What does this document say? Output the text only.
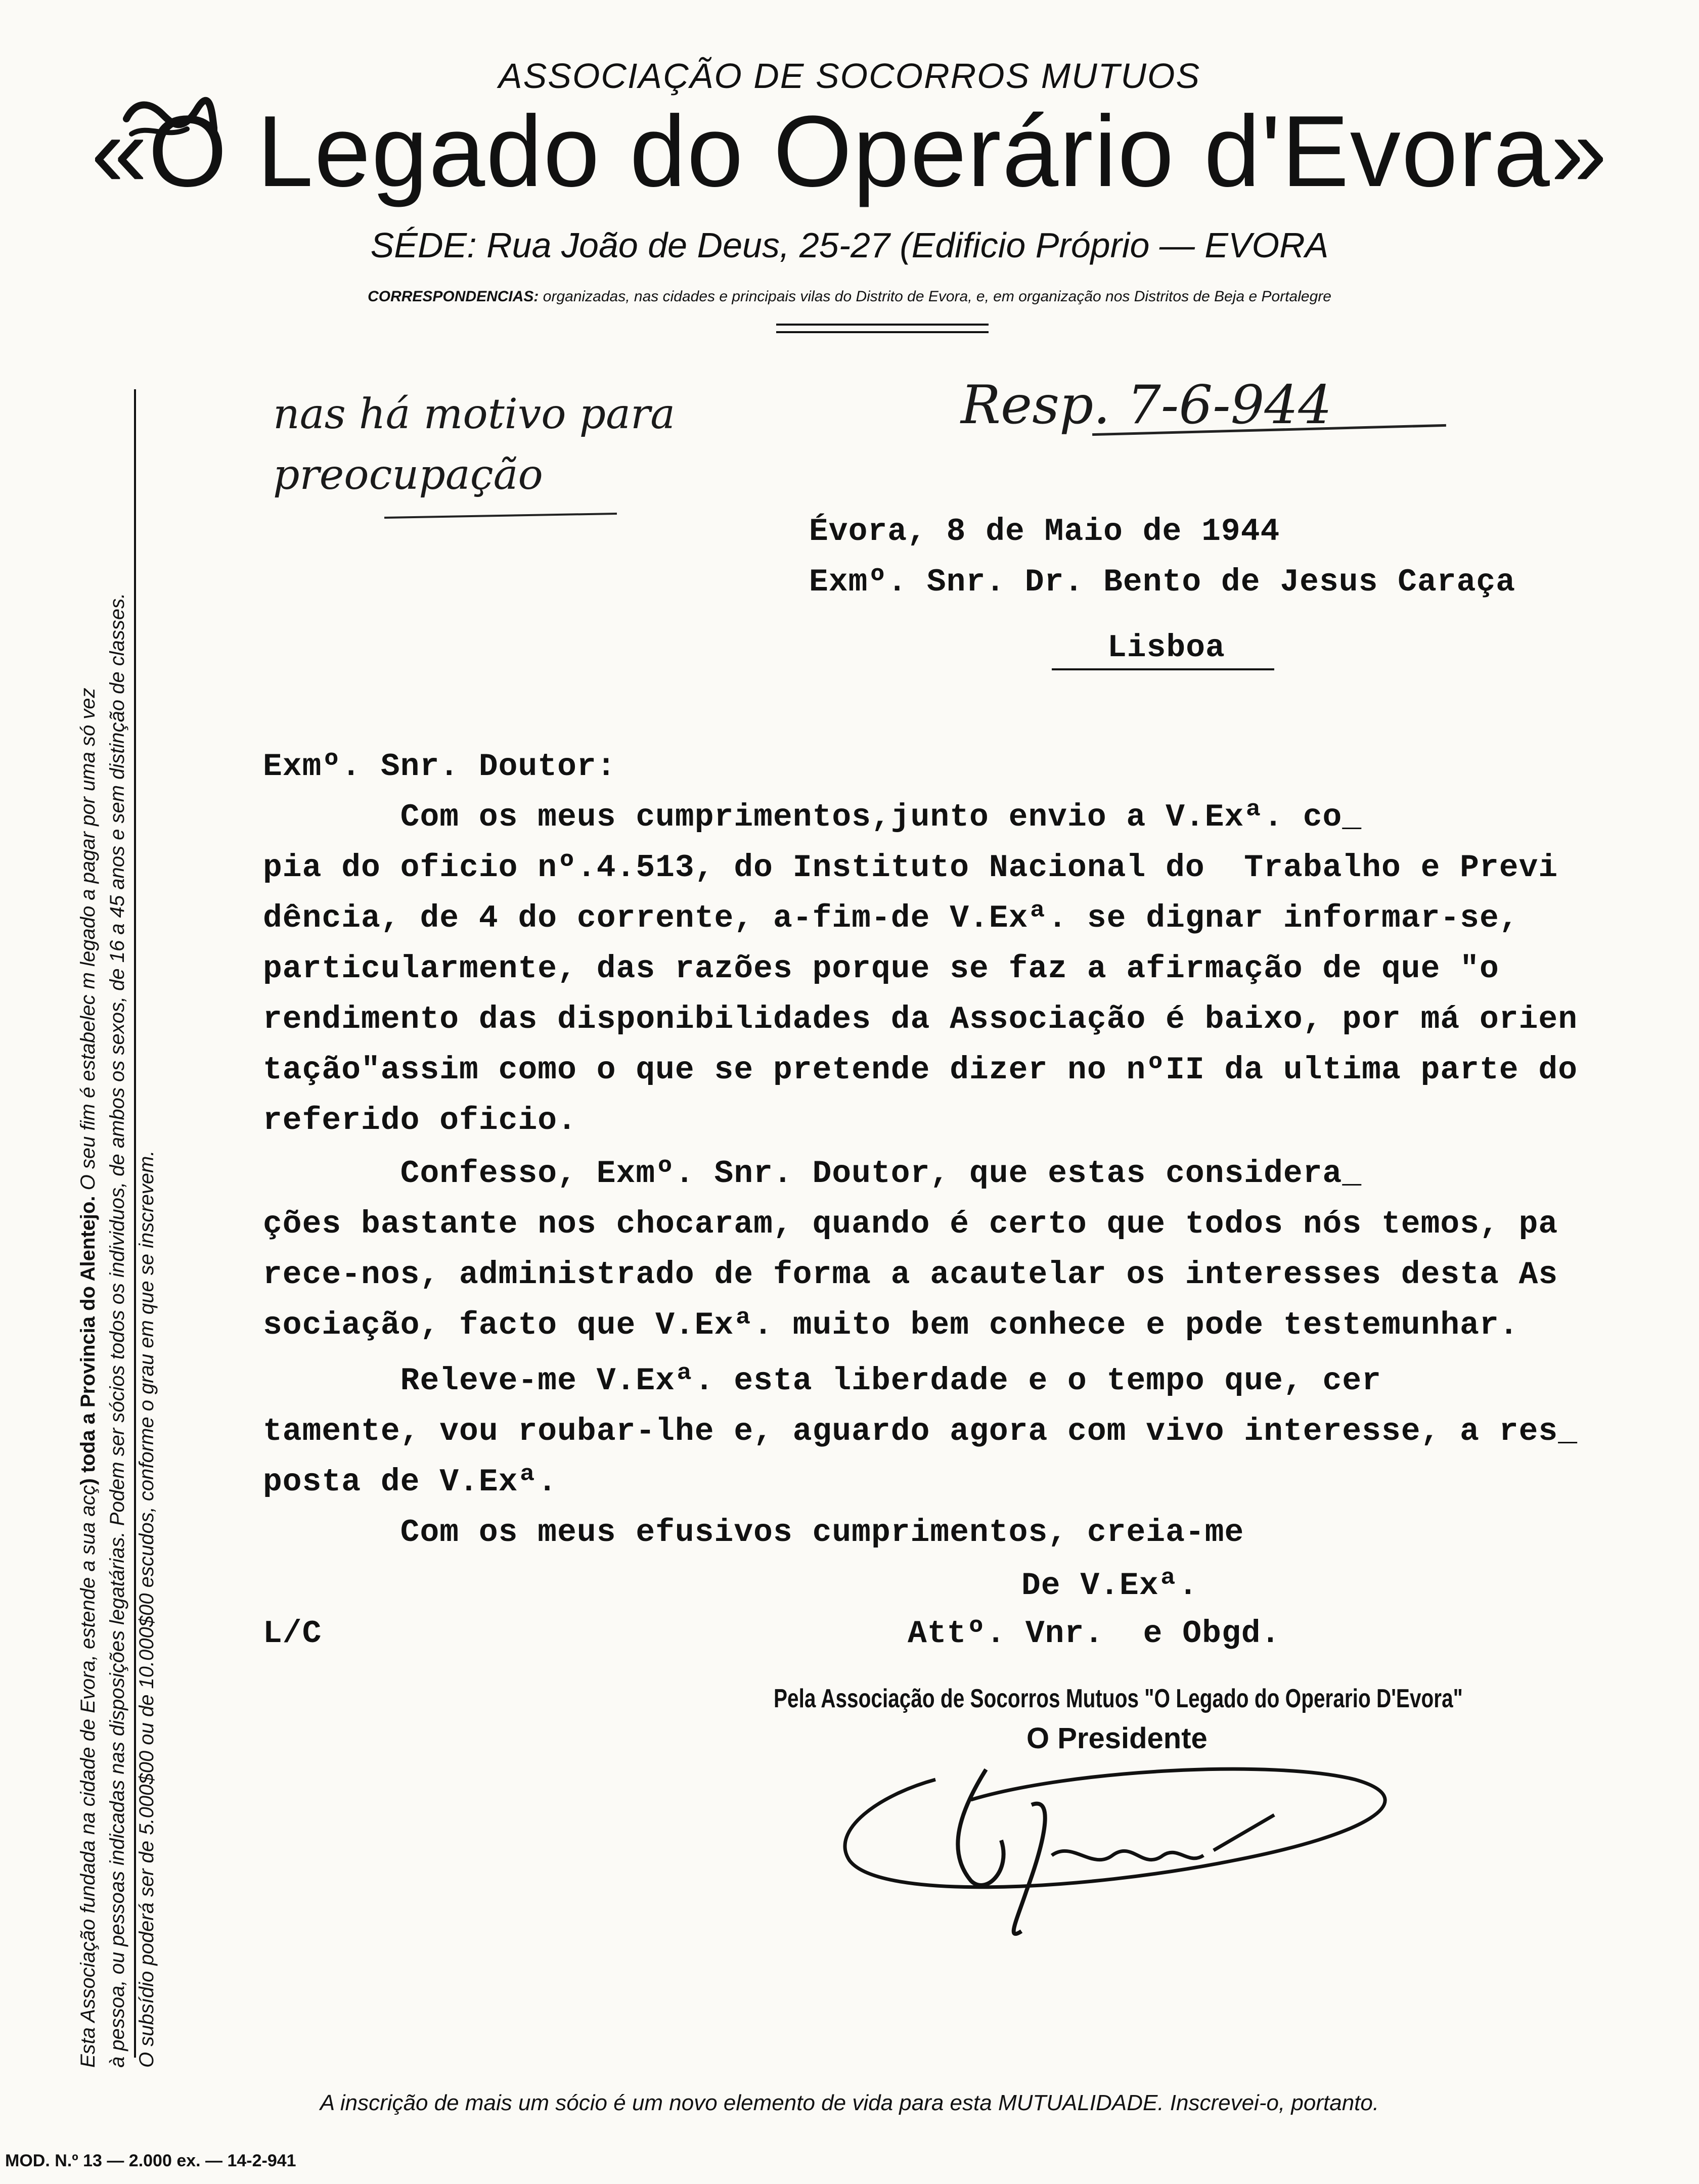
ASSOCIAÇÃO DE SOCORROS MUTUOS
«O Legado do Operário d'Evora»
SÉDE: Rua João de Deus, 25-27 (Edificio Próprio — EVORA
CORRESPONDENCIAS: organizadas, nas cidades e principais vilas do Distrito de Evora, e, em organização nos Distritos de Beja e Portalegre
Esta Associação fundada na cidade de Evora, estende a sua acç) toda a Provincia do Alentejo. O seu fim é estabelec m legado a pagar por uma só vez à pessoa, ou pessoas indicadas nas disposições legatárias. Podem ser sócios todos os individuos, de ambos os sexos, de 16 a 45 anos e sem distinção de classes. O subsídio poderá ser de 5.000$00 ou de 10.000$00 escudos, conforme o grau em que se inscrevem.
nas há motivo para
preocupação
Resp. 7-6-944
Évora, 8 de Maio de 1944
Exmº. Snr. Dr. Bento de Jesus Caraça
Lisboa
Exmº. Snr. Doutor:
Com os meus cumprimentos,junto envio a V.Exª. co_
pia do oficio nº.4.513, do Instituto Nacional do  Trabalho e Previ
dência, de 4 do corrente, a-fim-de V.Exª. se dignar informar-se,
particularmente, das razões porque se faz a afirmação de que "o
rendimento das disponibilidades da Associação é baixo, por má orien
tação"assim como o que se pretende dizer no nºII da ultima parte do
referido oficio.
Confesso, Exmº. Snr. Doutor, que estas considera_
ções bastante nos chocaram, quando é certo que todos nós temos, pa
rece-nos, administrado de forma a acautelar os interesses desta As
sociação, facto que V.Exª. muito bem conhece e pode testemunhar.
Releve-me V.Exª. esta liberdade e o tempo que, cer
tamente, vou roubar-lhe e, aguardo agora com vivo interesse, a res_
posta de V.Exª.
Com os meus efusivos cumprimentos, creia-me
De V.Exª.
Attº. Vnr.  e Obgd.
L/C
Pela Associação de Socorros Mutuos "O Legado do Operario D'Evora"
O Presidente
A inscrição de mais um sócio é um novo elemento de vida para esta MUTUALIDADE. Inscrevei-o, portanto.
MOD. N.º 13 — 2.000 ex. — 14-2-941
